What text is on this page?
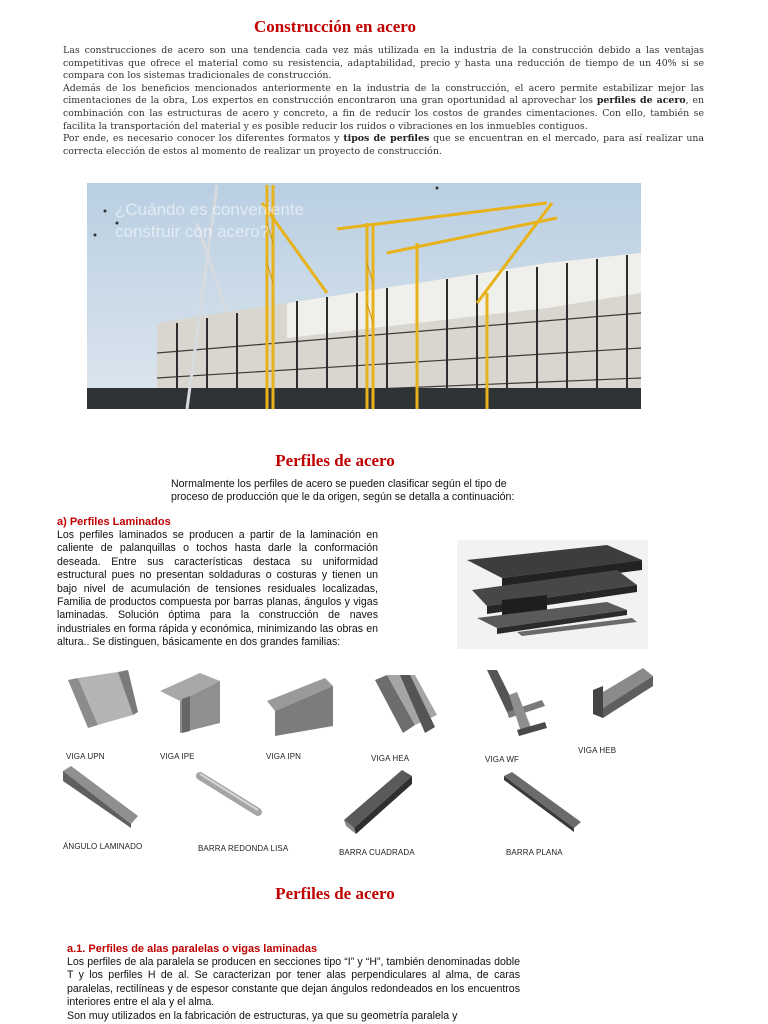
Construcción en acero
Las construcciones de acero son una tendencia cada vez más utilizada en la industria de la construcción debido a las ventajas competitivas que ofrece el material como su resistencia, adaptabilidad, precio y hasta una reducción de tiempo de un 40% si se compara con los sistemas tradicionales de construcción.
Además de los beneficios mencionados anteriormente en la industria de la construcción, el acero permite estabilizar mejor las cimentaciones de la obra, Los expertos en construcción encontraron una gran oportunidad al aprovechar los perfiles de acero, en combinación con las estructuras de acero y concreto, a fin de reducir los costos de grandes cimentaciones. Con ello, también se facilita la transportación del material y es posible reducir los ruidos o vibraciones en los inmuebles contiguos.
Por ende, es necesario conocer los diferentes formatos y tipos de perfiles que se encuentran en el mercado, para así realizar una correcta elección de estos al momento de realizar un proyecto de construcción.
¿Cuándo es conveniente construir con acero?
Perfiles de acero
Normalmente los perfiles de acero se pueden clasificar según el tipo de proceso de producción que le da origen, según se detalla a continuación:
a) Perfiles Laminados
Los perfiles laminados se producen a partir de la laminación en caliente de palanquillas o tochos hasta darle la conformación deseada. Entre sus características destaca su uniformidad estructural pues no presentan soldaduras o costuras y tienen un bajo nivel de acumulación de tensiones residuales localizadas, Familia de productos compuesta por barras planas, ángulos y vigas laminadas. Solución óptima para la construcción de naves industriales en forma rápida y económica, minimizando las obras en altura.. Se distinguen, básicamente en dos grandes familias:
VIGA UPN	VIGA IPE	VIGA IPN	VIGA HEA	VIGA WF
VIGA HEB
ÁNGULO LAMINADO	BARRA REDONDA LISA	BARRA CUADRADA	BARRA PLANA
Perfiles de acero
a.1. Perfiles de alas paralelas o vigas laminadas
Los perfiles de ala paralela se producen en secciones tipo “I” y “H”, también denominadas doble T y los perfiles H de al. Se caracterizan por tener alas perpendiculares al alma, de caras paralelas, rectilíneas y de espesor constante que dejan ángulos redondeados en los encuentros interiores entre el ala y el alma.
Son muy utilizados en la fabricación de estructuras, ya que su geometría paralela y
